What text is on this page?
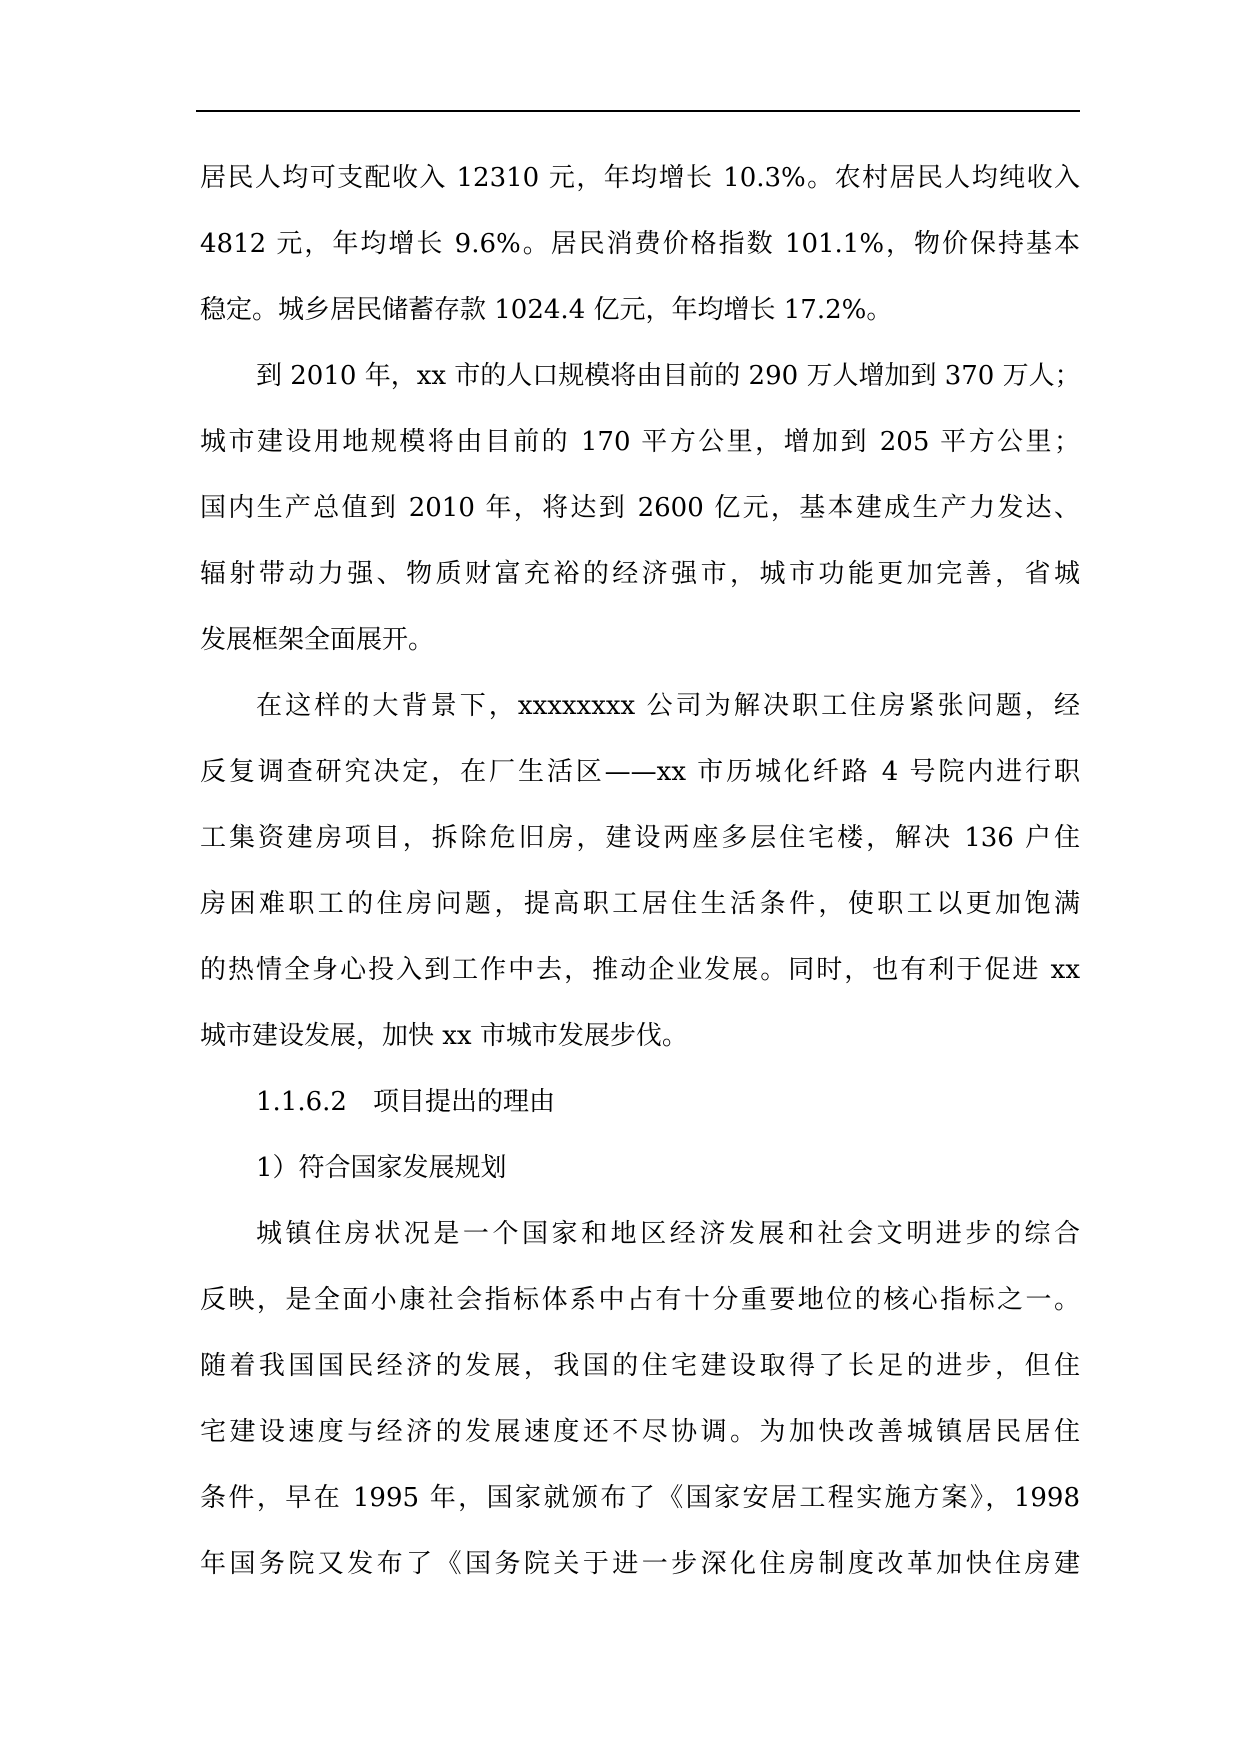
居民人均可支配收入 12310 元，年均增长 10.3%。农村居民人均纯收入
4812 元，年均增长 9.6%。居民消费价格指数 101.1%，物价保持基本
稳定。城乡居民储蓄存款 1024.4 亿元，年均增长 17.2%。
到 2010 年，xx 市的人口规模将由目前的 290 万人增加到 370 万人；
城市建设用地规模将由目前的 170 平方公里，增加到 205 平方公里；
国内生产总值到 2010 年，将达到 2600 亿元，基本建成生产力发达、
辐射带动力强、物质财富充裕的经济强市，城市功能更加完善，省城
发展框架全面展开。
在这样的大背景下，xxxxxxxx 公司为解决职工住房紧张问题，经
反复调查研究决定，在厂生活区——xx 市历城化纤路 4 号院内进行职
工集资建房项目，拆除危旧房，建设两座多层住宅楼，解决 136 户住
房困难职工的住房问题，提高职工居住生活条件，使职工以更加饱满
的热情全身心投入到工作中去，推动企业发展。同时，也有利于促进 xx
城市建设发展，加快 xx 市城市发展步伐。
1.1.6.2　项目提出的理由
1）符合国家发展规划
城镇住房状况是一个国家和地区经济发展和社会文明进步的综合
反映，是全面小康社会指标体系中占有十分重要地位的核心指标之一。
随着我国国民经济的发展，我国的住宅建设取得了长足的进步，但住
宅建设速度与经济的发展速度还不尽协调。为加快改善城镇居民居住
条件，早在 1995 年，国家就颁布了《国家安居工程实施方案》，1998
年国务院又发布了《国务院关于进一步深化住房制度改革加快住房建
